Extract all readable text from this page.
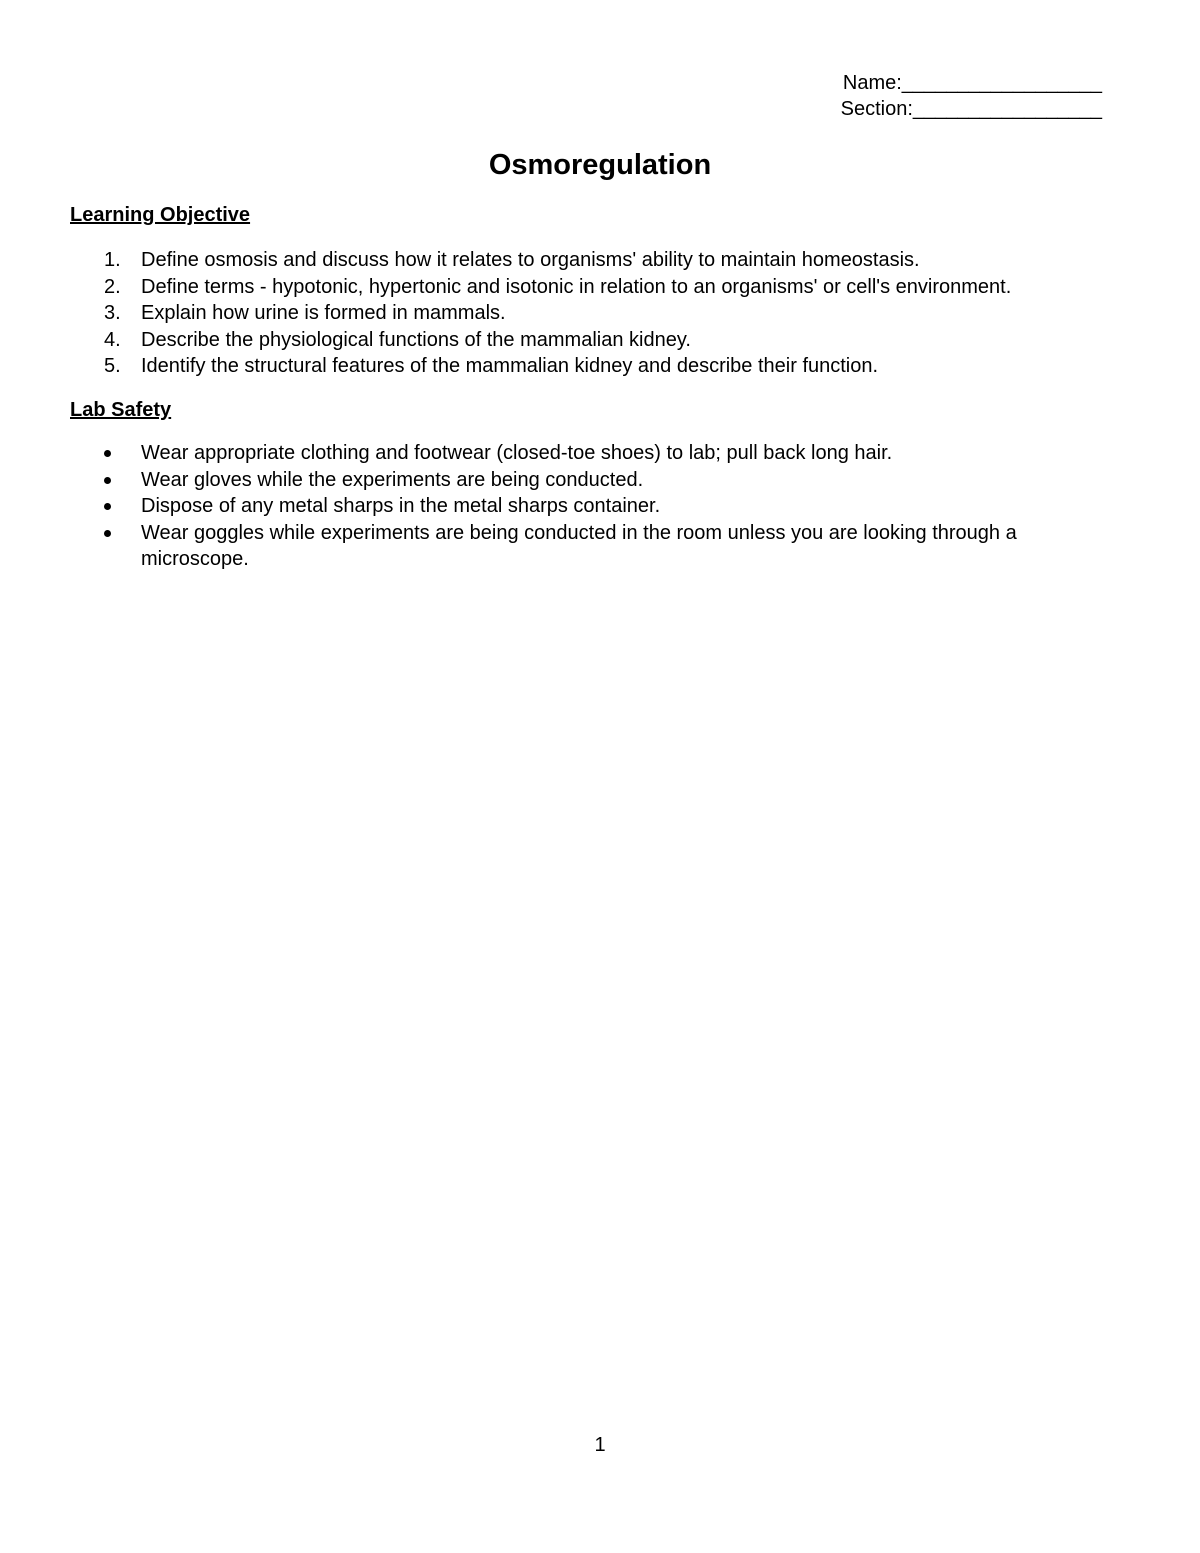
Name:__________________
Section:_________________
Osmoregulation
Learning Objective
1.	Define osmosis and discuss how it relates to organisms' ability to maintain homeostasis.
2.	Define terms - hypotonic, hypertonic and isotonic in relation to an organisms' or cell's environment.
3.	Explain how urine is formed in mammals.
4.	Describe the physiological functions of the mammalian kidney.
5.	Identify the structural features of the mammalian kidney and describe their function.
Lab Safety
Wear appropriate clothing and footwear (closed-toe shoes) to lab; pull back long hair.
Wear gloves while the experiments are being conducted.
Dispose of any metal sharps in the metal sharps container.
Wear goggles while experiments are being conducted in the room unless you are looking through a microscope.
1
